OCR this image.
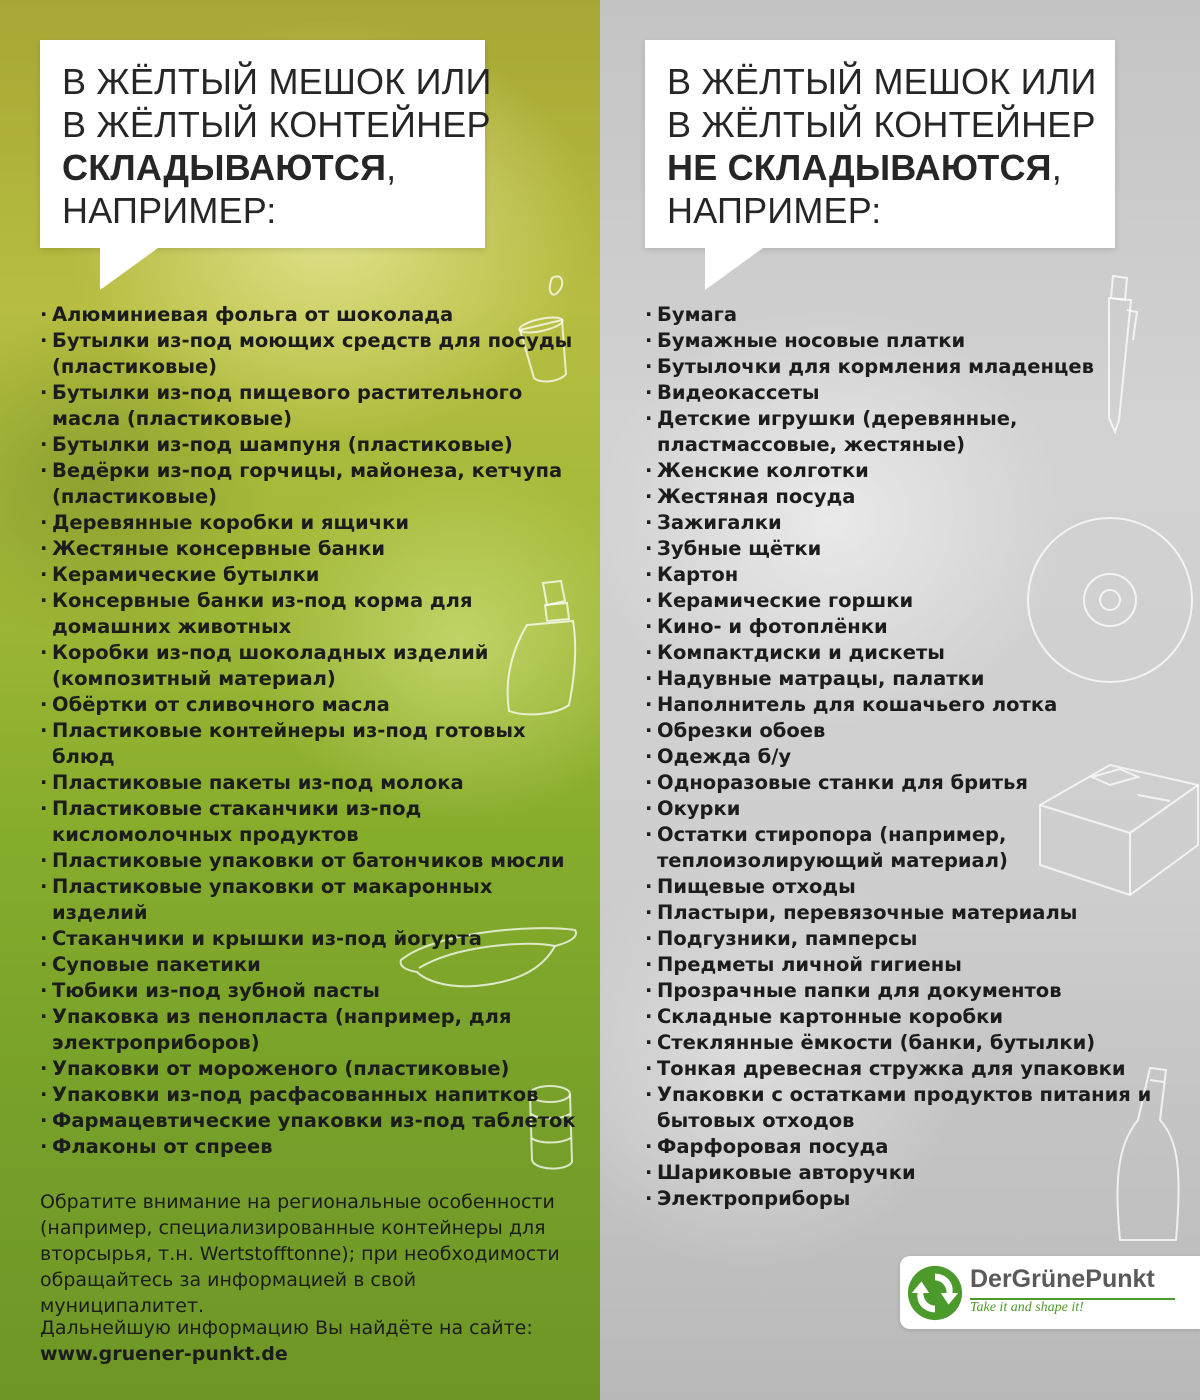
В ЖЁЛТЫЙ МЕШОК ИЛИ
В ЖЁЛТЫЙ КОНТЕЙНЕР
СКЛАДЫВАЮТСЯ,
НАПРИМЕР:
· Алюминиевая фольга от шоколада
· Бутылки из-под моющих средств для посуды (пластиковые)
· Бутылки из-под пищевого растительного масла (пластиковые)
· Бутылки из-под шампуня (пластиковые)
· Ведёрки из-под горчицы, майонеза, кетчупа (пластиковые)
· Деревянные коробки и ящички
· Жестяные консервные банки
· Керамические бутылки
· Консервные банки из-под корма для домашних животных
· Коробки из-под шоколадных изделий (композитный материал)
· Обёртки от сливочного масла
· Пластиковые контейнеры из-под готовых блюд
· Пластиковые пакеты из-под молока
· Пластиковые стаканчики из-под кисломолочных продуктов
· Пластиковые упаковки от батончиков мюсли
· Пластиковые упаковки от макаронных изделий
· Стаканчики и крышки из-под йогурта
· Суповые пакетики
· Тюбики из-под зубной пасты
· Упаковка из пенопласта (например, для электроприборов)
· Упаковки от мороженого (пластиковые)
· Упаковки из-под расфасованных напитков
· Фармацевтические упаковки из-под таблеток
· Флаконы от спреев
Обратите внимание на региональные особенности (например, специализированные контейнеры для вторсырья, т.н. Wertstofftonne); при необходимости обращайтесь за информацией в свой муниципалитет.
Дальнейшую информацию Вы найдёте на сайте:
www.gruener-punkt.de
В ЖЁЛТЫЙ МЕШОК ИЛИ
В ЖЁЛТЫЙ КОНТЕЙНЕР
НЕ СКЛАДЫВАЮТСЯ,
НАПРИМЕР:
· Бумага
· Бумажные носовые платки
· Бутылочки для кормления младенцев
· Видеокассеты
· Детские игрушки (деревянные, пластмассовые, жестяные)
· Женские колготки
· Жестяная посуда
· Зажигалки
· Зубные щётки
· Картон
· Керамические горшки
· Кино- и фотоплёнки
· Компактдиски и дискеты
· Надувные матрацы, палатки
· Наполнитель для кошачьего лотка
· Обрезки обоев
· Одежда б/у
· Одноразовые станки для бритья
· Окурки
· Остатки стиропора (например, теплоизолирующий материал)
· Пищевые отходы
· Пластыри, перевязочные материалы
· Подгузники, памперсы
· Предметы личной гигиены
· Прозрачные папки для документов
· Складные картонные коробки
· Стеклянные ёмкости (банки, бутылки)
· Тонкая древесная стружка для упаковки
· Упаковки с остатками продуктов питания и бытовых отходов
· Фарфоровая посуда
· Шариковые авторучки
· Электроприборы
DerGrünePunkt
Take it and shape it!
